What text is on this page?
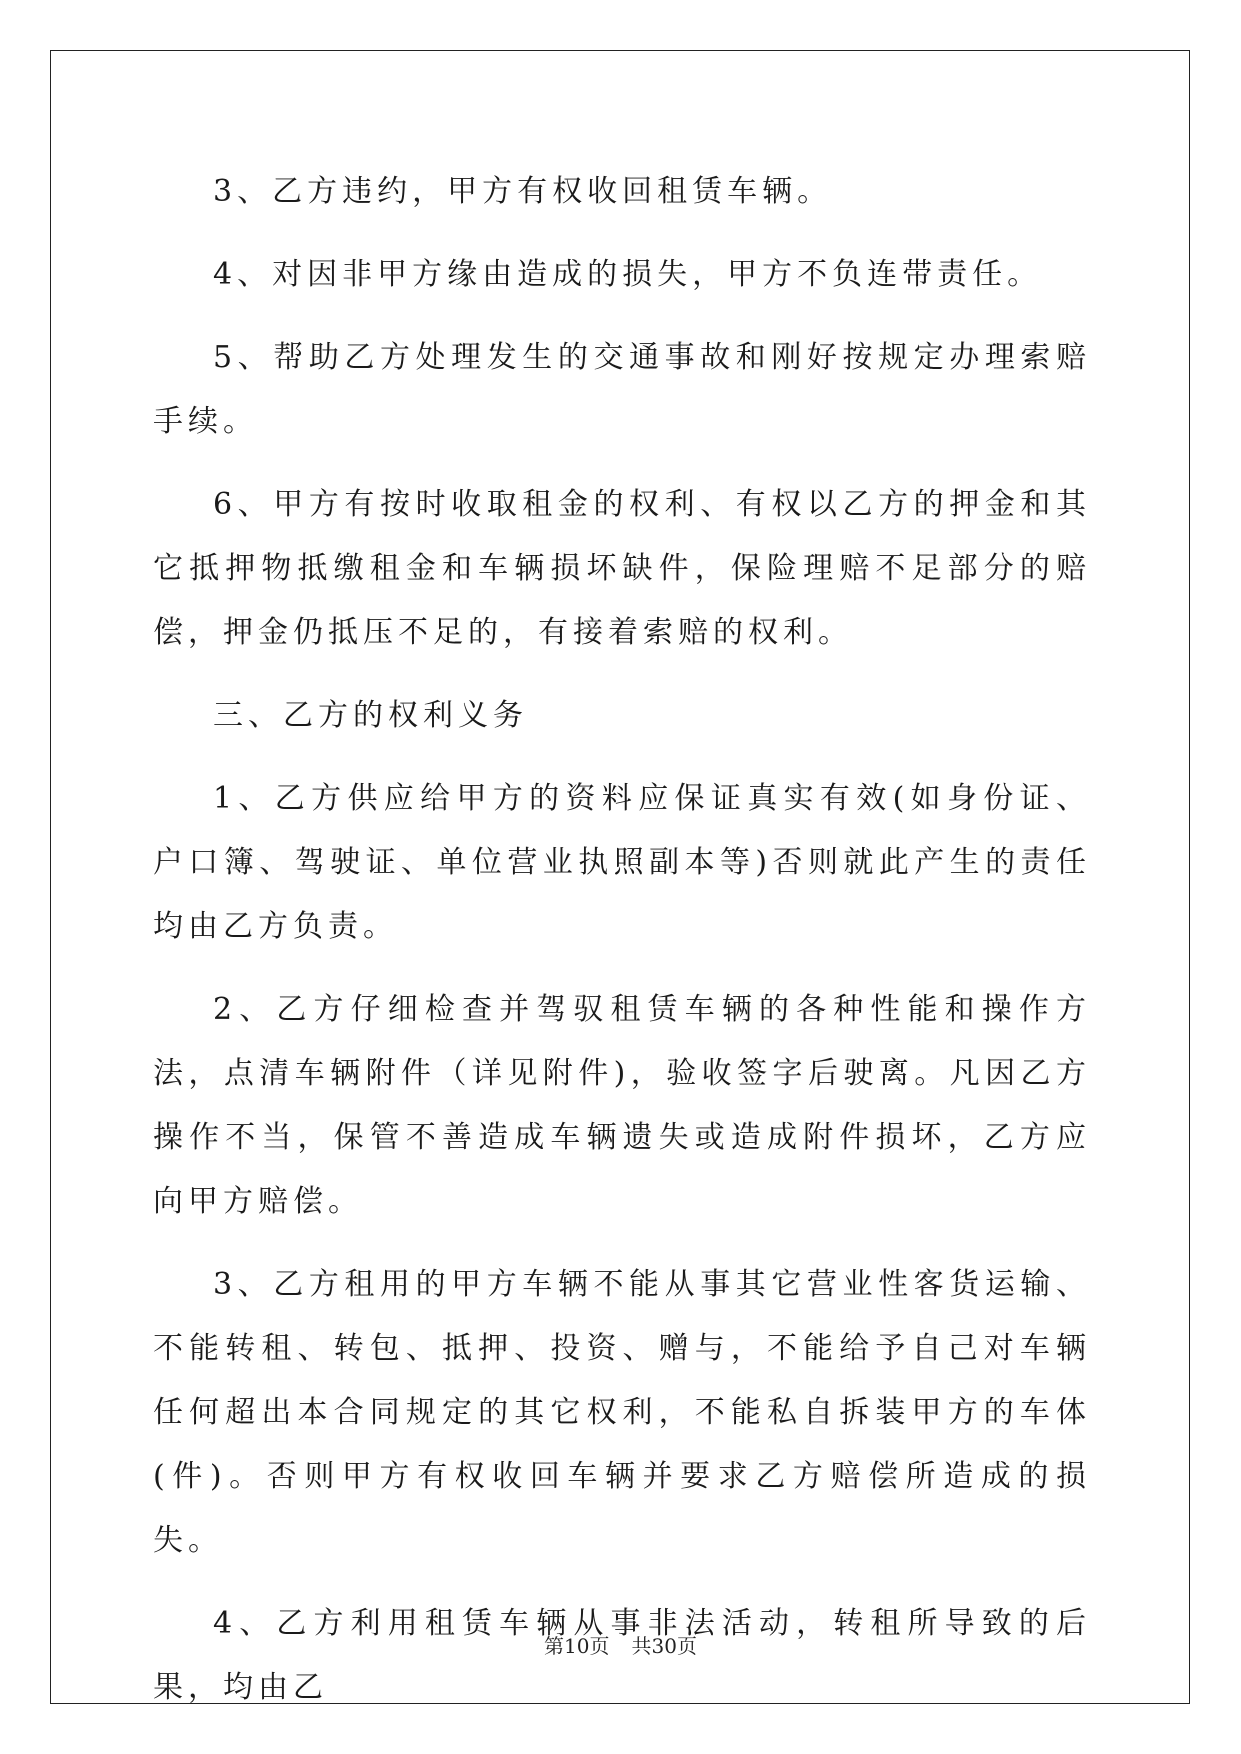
3、乙方违约，甲方有权收回租赁车辆。

4、对因非甲方缘由造成的损失，甲方不负连带责任。

5、帮助乙方处理发生的交通事故和刚好按规定办理索赔手续。

6、甲方有按时收取租金的权利、有权以乙方的押金和其它抵押物抵缴租金和车辆损坏缺件，保险理赔不足部分的赔偿，押金仍抵压不足的，有接着索赔的权利。

三、乙方的权利义务

1、乙方供应给甲方的资料应保证真实有效(如身份证、户口簿、驾驶证、单位营业执照副本等)否则就此产生的责任均由乙方负责。

2、乙方仔细检查并驾驭租赁车辆的各种性能和操作方法，点清车辆附件（详见附件)，验收签字后驶离。凡因乙方操作不当，保管不善造成车辆遗失或造成附件损坏，乙方应向甲方赔偿。

3、乙方租用的甲方车辆不能从事其它营业性客货运输、不能转租、转包、抵押、投资、赠与，不能给予自己对车辆任何超出本合同规定的其它权利，不能私自拆装甲方的车体(件)。否则甲方有权收回车辆并要求乙方赔偿所造成的损失。

4、乙方利用租赁车辆从事非法活动，转租所导致的后果，均由乙

第10页 共30页
